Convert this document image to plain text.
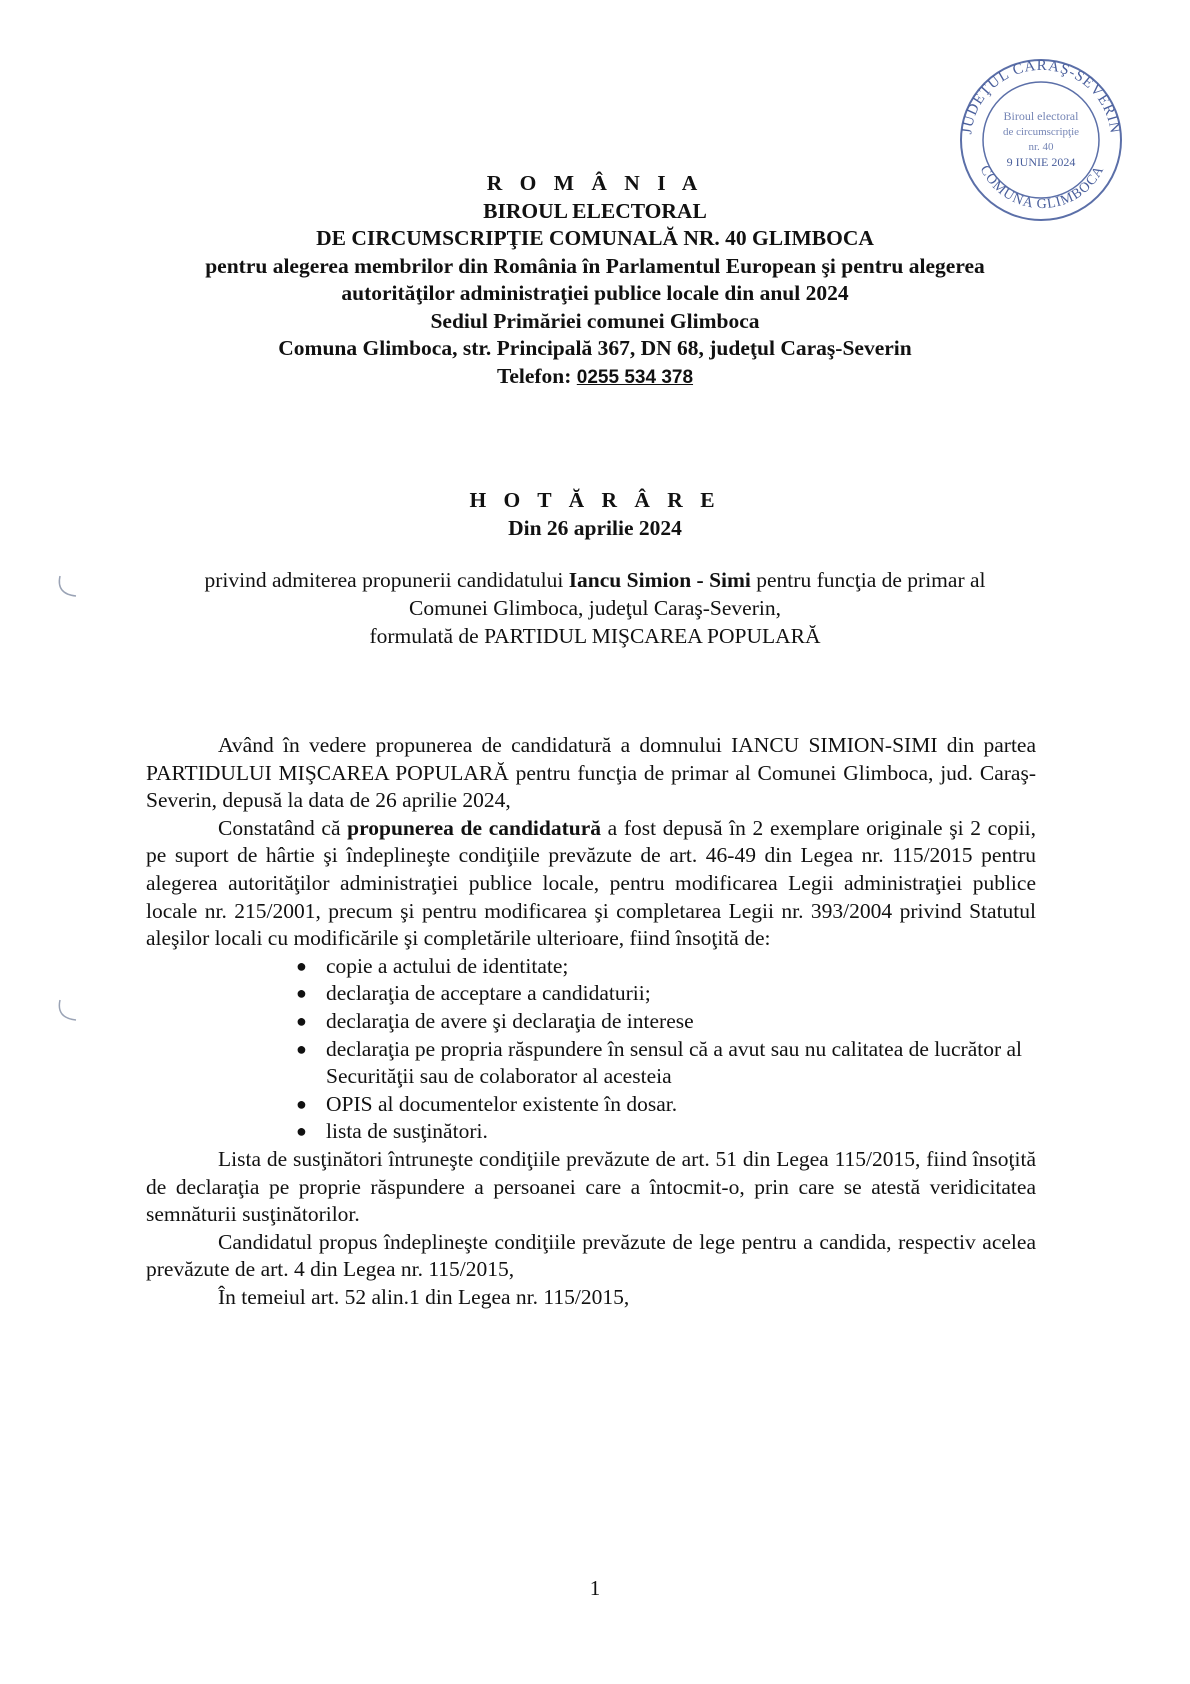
JUDEŢUL CARAŞ-SEVERIN
COMUNA GLIMBOCA
Biroul electoral
de circumscripţie
nr. 40
9 IUNIE 2024
R O M Â N I A
BIROUL ELECTORAL
DE CIRCUMSCRIPŢIE COMUNALĂ NR. 40 GLIMBOCA
pentru alegerea membrilor din România în Parlamentul European şi pentru alegerea
autorităţilor administraţiei publice locale din anul 2024
Sediul Primăriei comunei Glimboca
Comuna Glimboca, str. Principală 367, DN 68, judeţul Caraş-Severin
Telefon: 0255 534 378
H O T Ă R Â R E
Din 26 aprilie 2024
privind admiterea propunerii candidatului Iancu Simion - Simi pentru funcţia de primar al Comunei Glimboca, judeţul Caraş-Severin,
formulată de PARTIDUL MIŞCAREA POPULARĂ

Având în vedere propunerea de candidatură a domnului IANCU SIMION-SIMI din partea PARTIDULUI MIŞCAREA POPULARĂ pentru funcţia de primar al Comunei Glimboca, jud. Caraş-Severin, depusă la data de 26 aprilie 2024,

Constatând că propunerea de candidatură a fost depusă în 2 exemplare originale şi 2 copii, pe suport de hârtie şi îndeplineşte condiţiile prevăzute de art. 46-49 din Legea nr. 115/2015 pentru alegerea autorităţilor administraţiei publice locale, pentru modificarea Legii administraţiei publice locale nr. 215/2001, precum şi pentru modificarea şi completarea Legii nr. 393/2004 privind Statutul aleşilor locali cu modificările şi completările ulterioare, fiind însoţită de:

● copie a actului de identitate;
● declaraţia de acceptare a candidaturii;
● declaraţia de avere şi declaraţia de interese
● declaraţia pe propria răspundere în sensul că a avut sau nu calitatea de lucrător al Securităţii sau de colaborator al acesteia
● OPIS al documentelor existente în dosar.
● lista de susţinători.

Lista de susţinători întruneşte condiţiile prevăzute de art. 51 din Legea 115/2015, fiind însoţită de declaraţia pe proprie răspundere a persoanei care a întocmit-o, prin care se atestă veridicitatea semnăturii susţinătorilor.

Candidatul propus îndeplineşte condiţiile prevăzute de lege pentru a candida, respectiv acelea prevăzute de art. 4 din Legea nr. 115/2015,

În temeiul art. 52 alin.1 din Legea nr. 115/2015,

1
